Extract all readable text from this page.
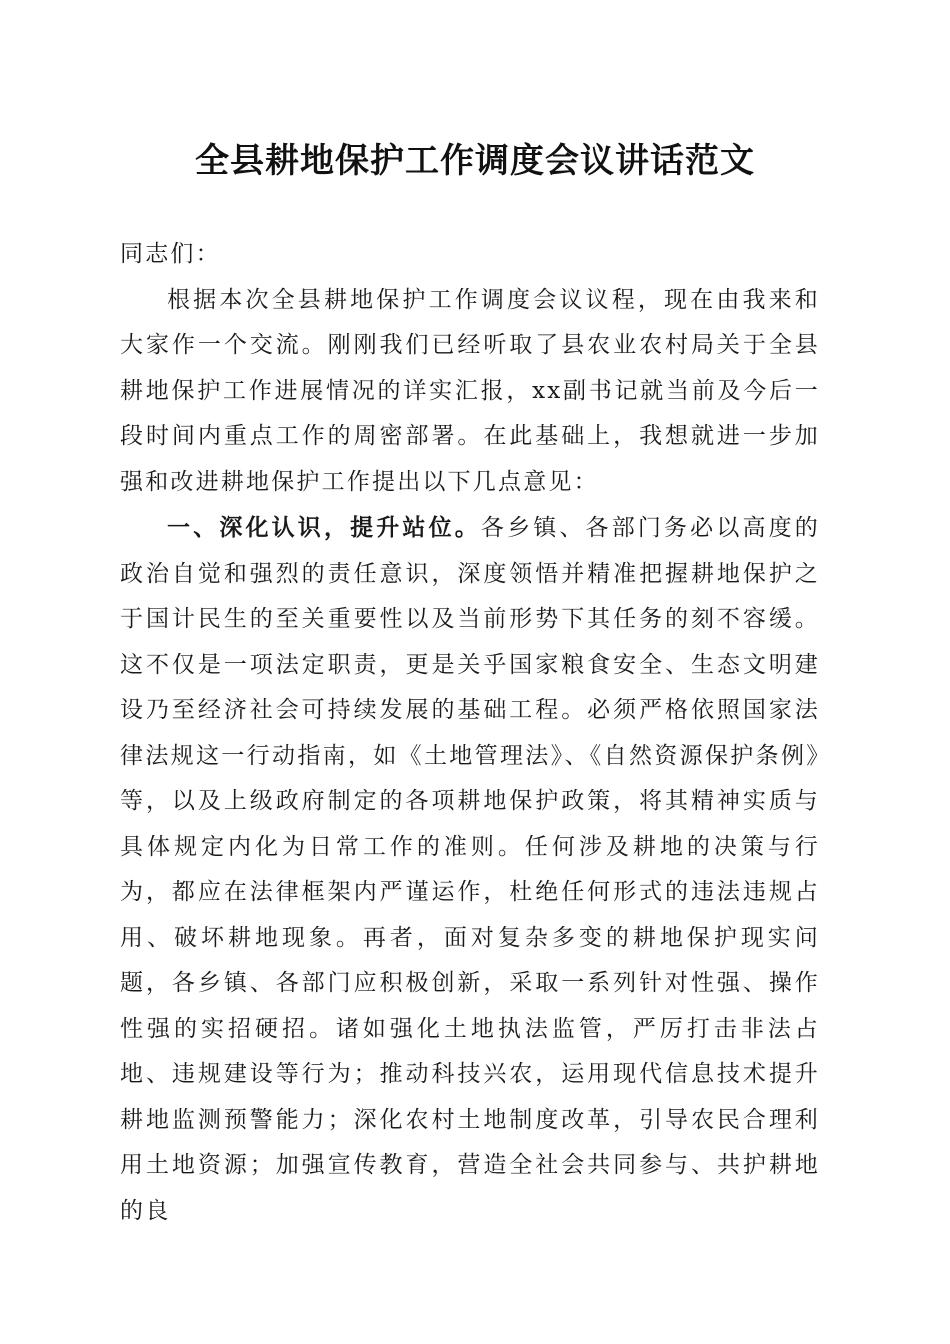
全县耕地保护工作调度会议讲话范文

同志们：

根据本次全县耕地保护工作调度会议议程，现在由我来和大家作一个交流。刚刚我们已经听取了县农业农村局关于全县耕地保护工作进展情况的详实汇报，xx副书记就当前及今后一段时间内重点工作的周密部署。在此基础上，我想就进一步加强和改进耕地保护工作提出以下几点意见：

一、深化认识，提升站位。各乡镇、各部门务必以高度的政治自觉和强烈的责任意识，深度领悟并精准把握耕地保护之于国计民生的至关重要性以及当前形势下其任务的刻不容缓。这不仅是一项法定职责，更是关乎国家粮食安全、生态文明建设乃至经济社会可持续发展的基础工程。必须严格依照国家法律法规这一行动指南，如《土地管理法》、《自然资源保护条例》等，以及上级政府制定的各项耕地保护政策，将其精神实质与具体规定内化为日常工作的准则。任何涉及耕地的决策与行为，都应在法律框架内严谨运作，杜绝任何形式的违法违规占用、破坏耕地现象。再者，面对复杂多变的耕地保护现实问题，各乡镇、各部门应积极创新，采取一系列针对性强、操作性强的实招硬招。诸如强化土地执法监管，严厉打击非法占地、违规建设等行为；推动科技兴农，运用现代信息技术提升耕地监测预警能力；深化农村土地制度改革，引导农民合理利用土地资源；加强宣传教育，营造全社会共同参与、共护耕地的良
